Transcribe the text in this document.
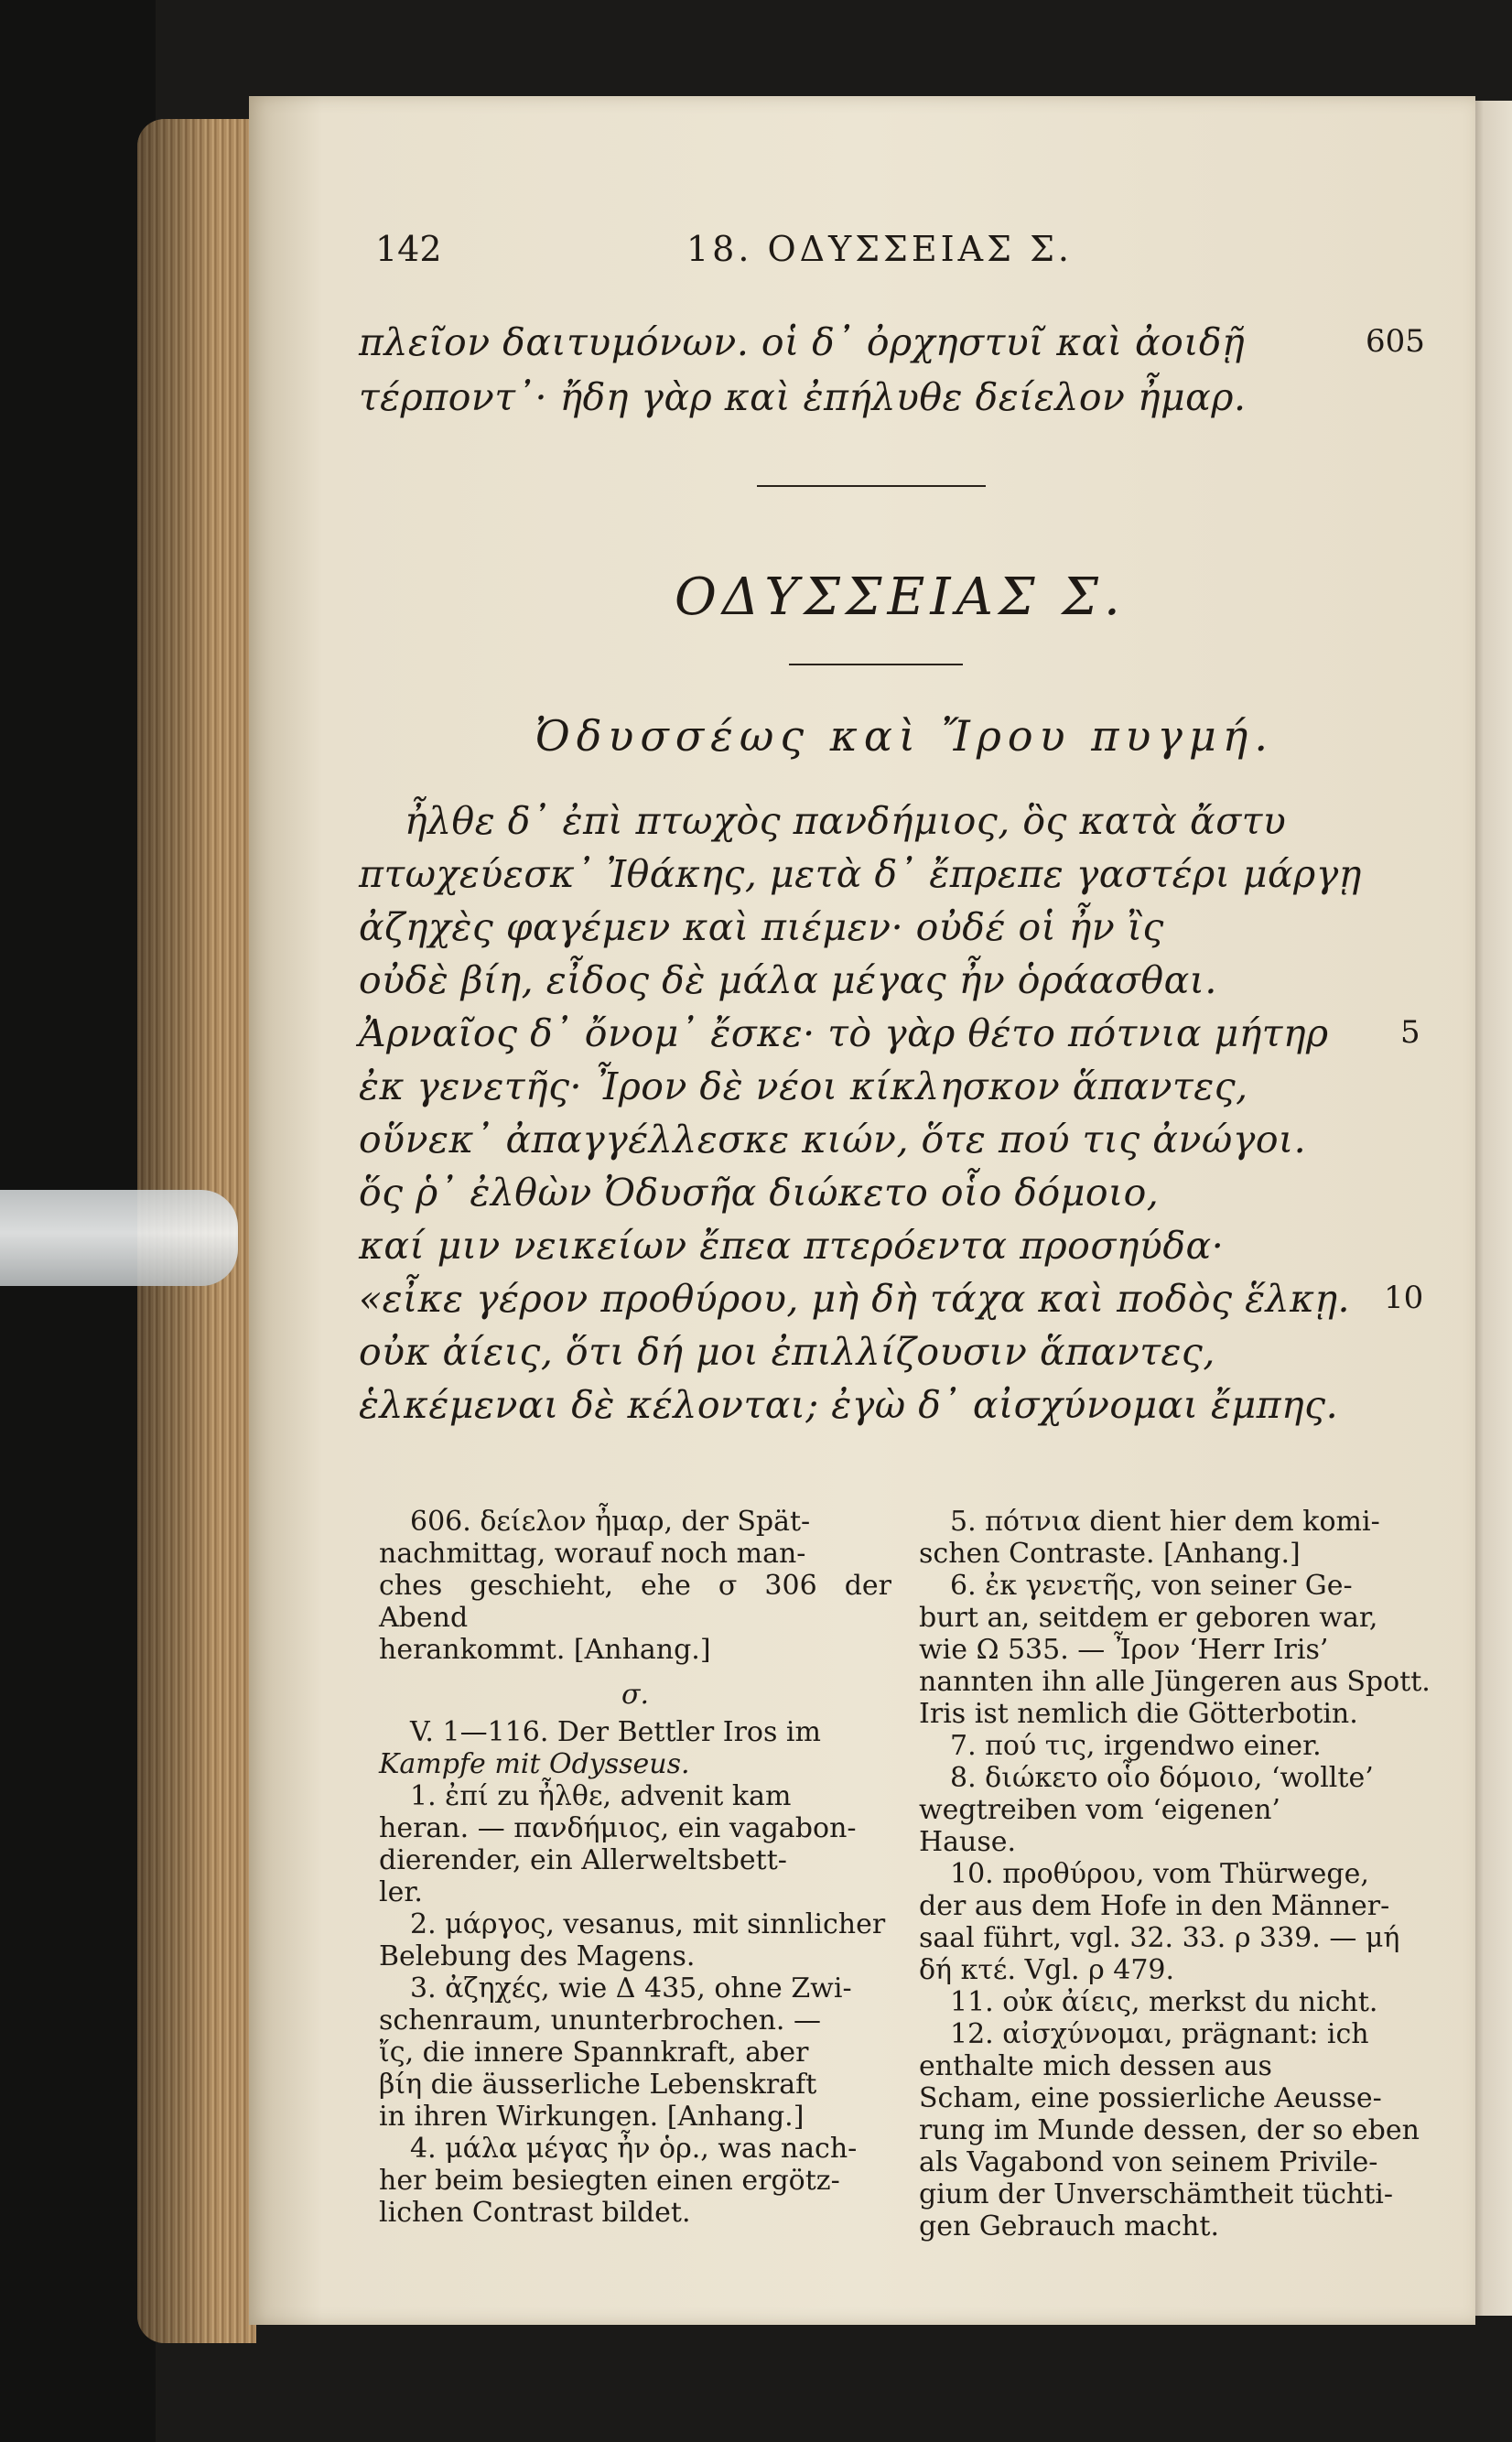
142	18. ΟΔΥΣΣΕΙΑΣ Σ.
πλεῖον δαιτυμόνων. οἱ δ᾽ ὀρχηστυῖ καὶ ἀοιδῇ	605
τέρποντ᾽· ἤδη γὰρ καὶ ἐπήλυθε δείελον ἦμαρ.
ΟΔΥΣΣΕΙΑΣ Σ.
Ὀδυσσέως καὶ Ἴρου πυγμή.
ἦλθε δ᾽ ἐπὶ πτωχὸς πανδήμιος, ὃς κατὰ ἄστυ
πτωχεύεσκ᾽ Ἰθάκης, μετὰ δ᾽ ἔπρεπε γαστέρι μάργῃ
ἀζηχὲς φαγέμεν καὶ πιέμεν· οὐδέ οἱ ἦν ἲς
οὐδὲ βίη, εἶδος δὲ μάλα μέγας ἦν ὁράασθαι.
Ἀρναῖος δ᾽ ὄνομ᾽ ἔσκε· τὸ γὰρ θέτο πότνια μήτηρ 5
ἐκ γενετῆς· Ἶρον δὲ νέοι κίκλησκον ἅπαντες,
οὕνεκ᾽ ἀπαγγέλλεσκε κιών, ὅτε πού τις ἀνώγοι.
ὅς ῥ᾽ ἐλθὼν Ὀδυσῆα διώκετο οἷο δόμοιο,
καί μιν νεικείων ἔπεα πτερόεντα προσηύδα·
«εἶκε γέρον προθύρου, μὴ δὴ τάχα καὶ ποδὸς ἕλκῃ. 10
οὐκ ἀίεις, ὅτι δή μοι ἐπιλλίζουσιν ἅπαντες,
ἑλκέμεναι δὲ κέλονται; ἐγὼ δ᾽ αἰσχύνομαι ἔμπης.

606. δείελον ἦμαρ, der Spät-
nachmittag, worauf noch man-
ches geschieht, ehe σ 306 der Abend
herankommt. [Anhang.]

σ.

V. 1—116. Der Bettler Iros im
Kampfe mit Odysseus.

1. ἐπί zu ἦλθε, advenit kam
heran. — πανδήμιος, ein vagabon-
dierender, ein Allerweltsbett-
ler.

2. μάργος, vesanus, mit sinnlicher
Belebung des Magens.

3. ἀζηχές, wie Δ 435, ohne Zwi-
schenraum, ununterbrochen. —
ἴς, die innere Spannkraft, aber
βίη die äusserliche Lebenskraft
in ihren Wirkungen. [Anhang.]

4. μάλα μέγας ἦν ὁρ., was nach-
her beim besiegten einen ergötz-
lichen Contrast bildet.

5. πότνια dient hier dem komi-
schen Contraste. [Anhang.]

6. ἐκ γενετῆς, von seiner Ge-
burt an, seitdem er geboren war,
wie Ω 535. — Ἶρον ‘Herr Iris’
nannten ihn alle Jüngeren aus Spott.
Iris ist nemlich die Götterbotin.

7. πού τις, irgendwo einer.

8. διώκετο οἷο δόμοιο, ‘wollte’
wegtreiben vom ‘eigenen’
Hause.

10. προθύρου, vom Thürwege,
der aus dem Hofe in den Männer-
saal führt, vgl. 32. 33. ρ 339. — μή
δή κτέ. Vgl. ρ 479.

11. οὐκ ἀίεις, merkst du nicht.

12. αἰσχύνομαι, prägnant: ich
enthalte mich dessen aus
Scham, eine possierliche Aeusse-
rung im Munde dessen, der so eben
als Vagabond von seinem Privile-
gium der Unverschämtheit tüchti-
gen Gebrauch macht.
